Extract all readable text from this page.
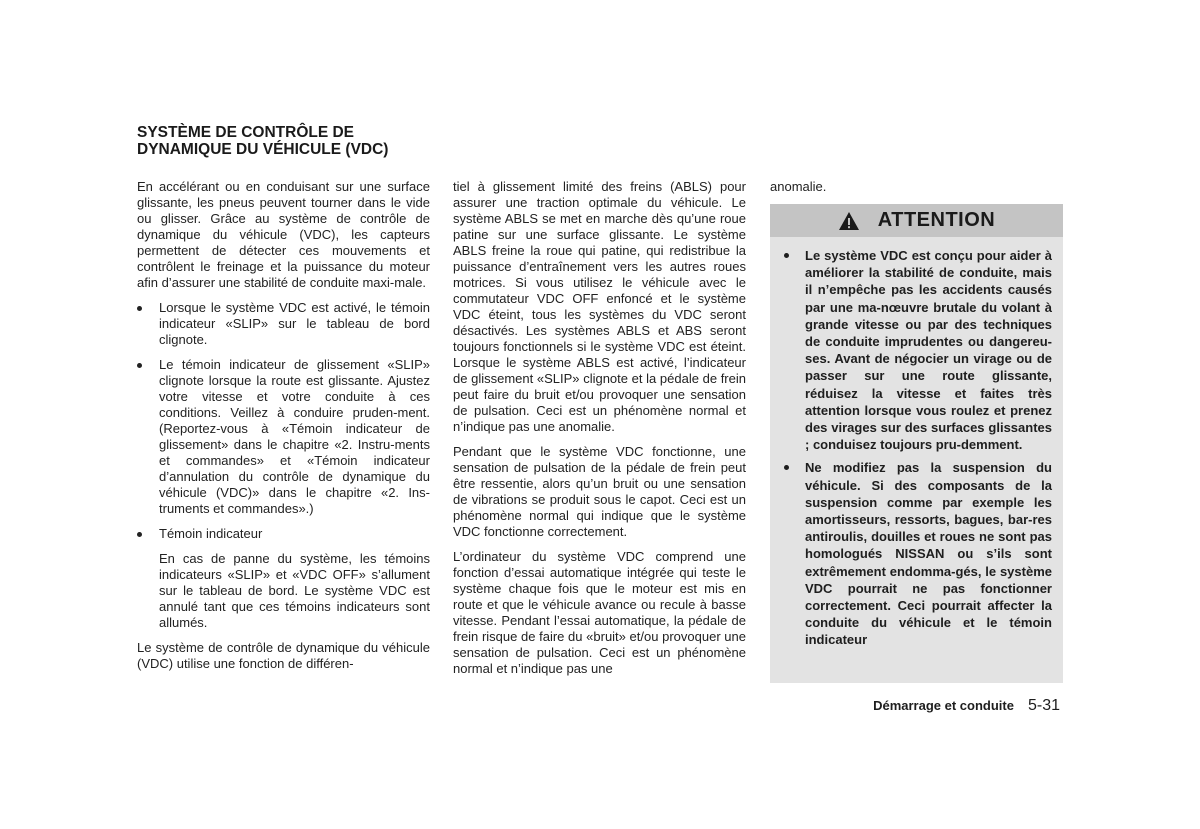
SYSTÈME DE CONTRÔLE DE
DYNAMIQUE DU VÉHICULE (VDC)

En accélérant ou en conduisant sur une surface glissante, les pneus peuvent tourner dans le vide ou glisser. Grâce au système de contrôle de dynamique du véhicule (VDC), les capteurs permettent de détecter ces mouvements et contrôlent le freinage et la puissance du moteur afin d’assurer une stabilité de conduite maxi-male.

Lorsque le système VDC est activé, le témoin indicateur «SLIP» sur le tableau de bord clignote.
Le témoin indicateur de glissement «SLIP» clignote lorsque la route est glissante. Ajustez votre vitesse et votre conduite à ces conditions. Veillez à conduire pruden-ment. (Reportez-vous à «Témoin indicateur de glissement» dans le chapitre «2. Instru-ments et commandes» et «Témoin indicateur d’annulation du contrôle de dynamique du véhicule (VDC)» dans le chapitre «2. Ins-truments et commandes».)
Témoin indicateur

En cas de panne du système, les témoins indicateurs «SLIP» et «VDC OFF» s’allument sur le tableau de bord. Le système VDC est annulé tant que ces témoins indicateurs sont allumés.

Le système de contrôle de dynamique du véhicule (VDC) utilise une fonction de différen-

tiel à glissement limité des freins (ABLS) pour assurer une traction optimale du véhicule. Le système ABLS se met en marche dès qu’une roue patine sur une surface glissante. Le système ABLS freine la roue qui patine, qui redistribue la puissance d’entraînement vers les autres roues motrices. Si vous utilisez le véhicule avec le commutateur VDC OFF enfoncé et le système VDC éteint, tous les systèmes du VDC seront désactivés. Les systèmes ABLS et ABS seront toujours fonctionnels si le système VDC est éteint. Lorsque le système ABLS est activé, l’indicateur de glissement «SLIP» clignote et la pédale de frein peut faire du bruit et/ou provoquer une sensation de pulsation. Ceci est un phénomène normal et n’indique pas une anomalie.

Pendant que le système VDC fonctionne, une sensation de pulsation de la pédale de frein peut être ressentie, alors qu’un bruit ou une sensation de vibrations se produit sous le capot. Ceci est un phénomène normal qui indique que le système VDC fonctionne correctement.

L’ordinateur du système VDC comprend une fonction d’essai automatique intégrée qui teste le système chaque fois que le moteur est mis en route et que le véhicule avance ou recule à basse vitesse. Pendant l’essai automatique, la pédale de frein risque de faire du «bruit» et/ou provoquer une sensation de pulsation. Ceci est un phénomène normal et n’indique pas une

anomalie.

ATTENTION
Le système VDC est conçu pour aider à améliorer la stabilité de conduite, mais il n’empêche pas les accidents causés par une ma-nœuvre brutale du volant à grande vitesse ou par des techniques de conduite imprudentes ou dangereu-ses. Avant de négocier un virage ou de passer sur une route glissante, réduisez la vitesse et faites très attention lorsque vous roulez et prenez des virages sur des surfaces glissantes ; conduisez toujours pru-demment.
Ne modifiez pas la suspension du véhicule. Si des composants de la suspension comme par exemple les amortisseurs, ressorts, bagues, bar-res antiroulis, douilles et roues ne sont pas homologués NISSAN ou s’ils sont extrêmement endomma-gés, le système VDC pourrait ne pas fonctionner correctement. Ceci pourrait affecter la conduite du véhicule et le témoin indicateur
Démarrage et conduite 5-31
